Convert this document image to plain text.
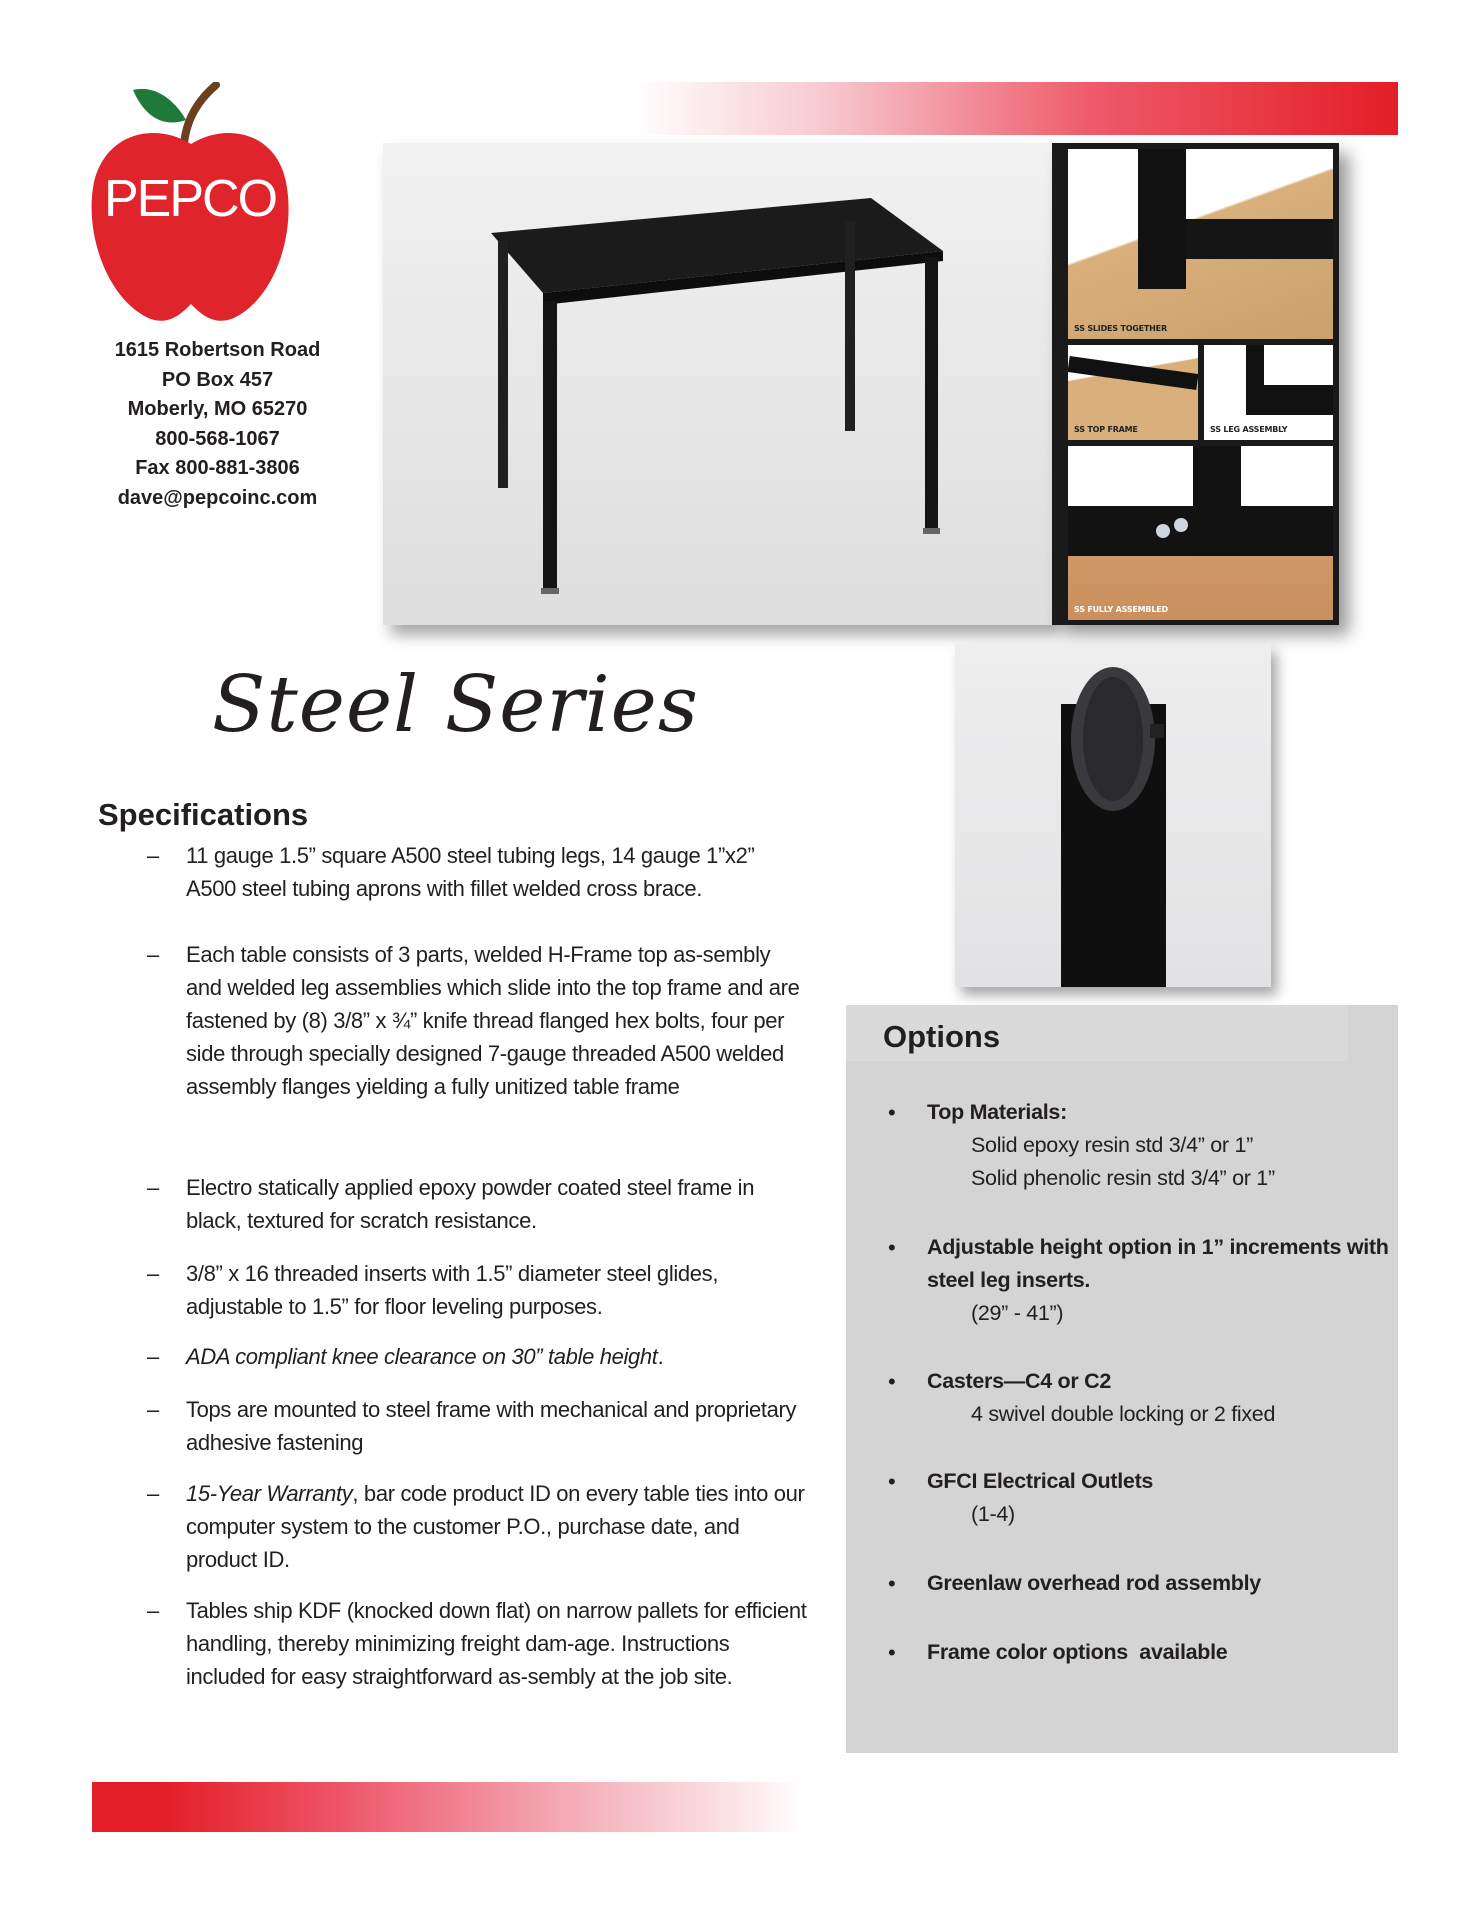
PEPCO
1615 Robertson Road
PO Box 457
Moberly, MO 65270
800-568-1067
Fax 800-881-3806
dave@pepcoinc.com
SS SLIDES TOGETHER
SS TOP FRAME	SS LEG ASSEMBLY
SS FULLY ASSEMBLED
Steel Series
Specifications
– 11 gauge 1.5” square A500 steel tubing legs, 14 gauge 1”x2” A500 steel tubing aprons with fillet welded cross brace.
– Each table consists of 3 parts, welded H-Frame top as-sembly and welded leg assemblies which slide into the top frame and are fastened by (8) 3/8” x ¾” knife thread flanged hex bolts, four per side through specially designed 7-gauge threaded A500 welded assembly flanges yielding a fully unitized table frame
– Electro statically applied epoxy powder coated steel frame in black, textured for scratch resistance.
– 3/8” x 16 threaded inserts with 1.5” diameter steel glides, adjustable to 1.5” for floor leveling purposes.
– ADA compliant knee clearance on 30” table height.
– Tops are mounted to steel frame with mechanical and proprietary adhesive fastening
– 15-Year Warranty, bar code product ID on every table ties into our computer system to the customer P.O., purchase date, and product ID.
– Tables ship KDF (knocked down flat) on narrow pallets for efficient handling, thereby minimizing freight dam-age. Instructions included for easy straightforward as-sembly at the job site.
Options
• Top Materials:
Solid epoxy resin std 3/4” or 1”
Solid phenolic resin std 3/4” or 1”
• Adjustable height option in 1” increments with steel leg inserts.
(29” - 41”)
• Casters—C4 or C2
4 swivel double locking or 2 fixed
• GFCI Electrical Outlets
(1-4)
• Greenlaw overhead rod assembly
• Frame color options  available
